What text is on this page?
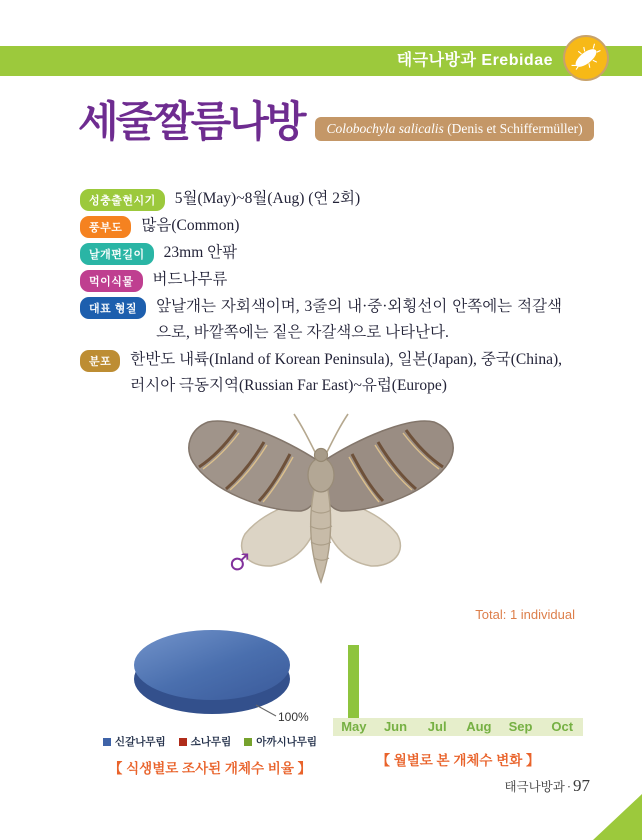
태극나방과 Erebidae
세줄짤름나방	Colobochyla salicalis (Denis et Schiffermüller)
성충출현시기	5월(May)~8월(Aug) (연 2회)
풍부도	많음(Common)
날개편길이	23mm 안팎
먹이식물	버드나무류
대표 형질	앞날개는 자회색이며, 3줄의 내·중·외횡선이 안쪽에는 적갈색으로, 바깥쪽에는 짙은 자갈색으로 나타난다.
분포	한반도 내륙(Inland of Korean Peninsula), 일본(Japan), 중국(China), 러시아 극동지역(Russian Far East)~유럽(Europe)
♂
Total: 1 individual
100%
신갈나무림 소나무림 아까시나무림
【 식생별로 조사된 개체수 비율 】
May	Jun	Jul	Aug	Sep	Oct
【 월별로 본 개체수 변화 】
태극나방과 · 97
